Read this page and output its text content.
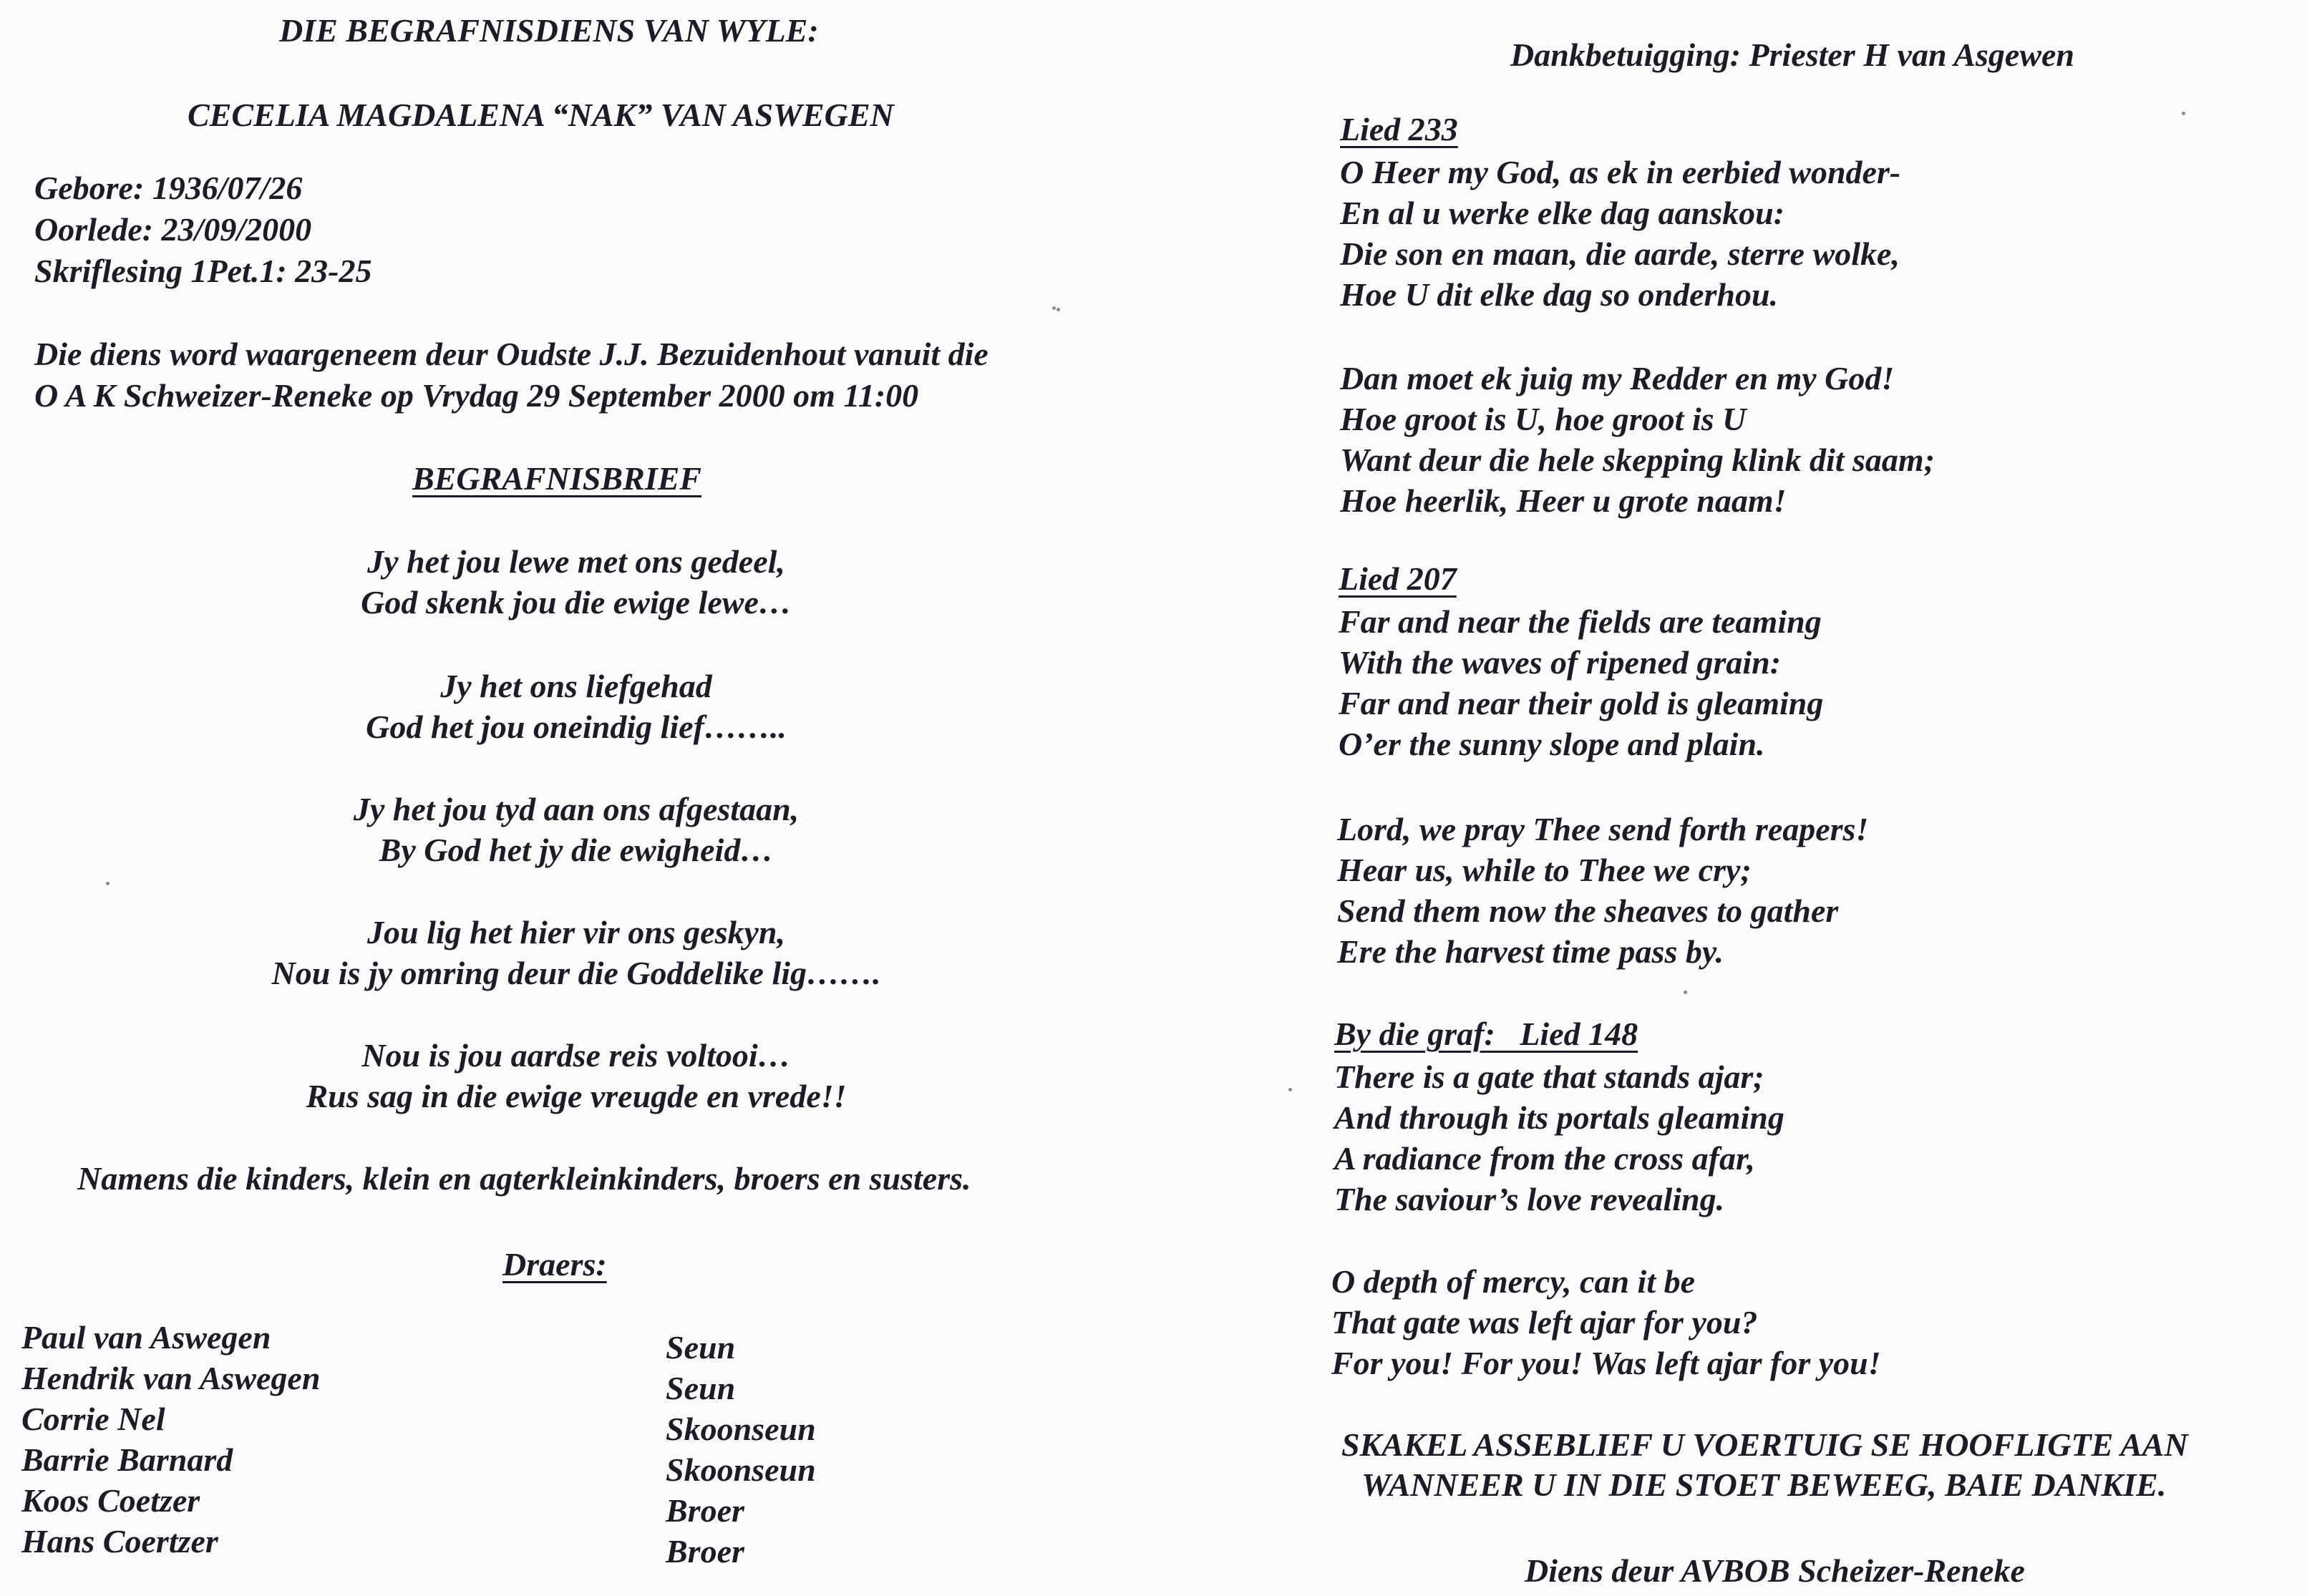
DIE BEGRAFNISDIENS VAN WYLE:
CECELIA MAGDALENA “NAK” VAN ASWEGEN
Gebore: 1936/07/26
Oorlede: 23/09/2000
Skriflesing 1Pet.1: 23-25
Die diens word waargeneem deur Oudste J.J. Bezuidenhout vanuit die
O A K Schweizer-Reneke op Vrydag 29 September 2000 om 11:00
BEGRAFNISBRIEF
Jy het jou lewe met ons gedeel,
God skenk jou die ewige lewe…
Jy het ons liefgehad
God het jou oneindig lief……..
Jy het jou tyd aan ons afgestaan,
By God het jy die ewigheid…
Jou lig het hier vir ons geskyn,
Nou is jy omring deur die Goddelike lig…….
Nou is jou aardse reis voltooi…
Rus sag in die ewige vreugde en vrede!!
Namens die kinders, klein en agterkleinkinders, broers en susters.
Draers:
Paul van Aswegen
Hendrik van Aswegen
Corrie Nel
Barrie Barnard
Koos Coetzer
Hans Coertzer
Seun
Seun
Skoonseun
Skoonseun
Broer
Broer
Dankbetuigging: Priester H van Asgewen
Lied 233
O Heer my God, as ek in eerbied wonder-
En al u werke elke dag aanskou:
Die son en maan, die aarde, sterre wolke,
Hoe U dit elke dag so onderhou.
Dan moet ek juig my Redder en my God!
Hoe groot is U, hoe groot is U
Want deur die hele skepping klink dit saam;
Hoe heerlik, Heer u grote naam!
Lied 207
Far and near the fields are teaming
With the waves of ripened grain:
Far and near their gold is gleaming
O’er the sunny slope and plain.
Lord, we pray Thee send forth reapers!
Hear us, while to Thee we cry;
Send them now the sheaves to gather
Ere the harvest time pass by.
By die graf:   Lied 148
There is a gate that stands ajar;
And through its portals gleaming
A radiance from the cross afar,
The saviour’s love revealing.
O depth of mercy, can it be
That gate was left ajar for you?
For you! For you! Was left ajar for you!
SKAKEL ASSEBLIEF U VOERTUIG SE HOOFLIGTE AAN
WANNEER U IN DIE STOET BEWEEG, BAIE DANKIE.
Diens deur AVBOB Scheizer-Reneke
